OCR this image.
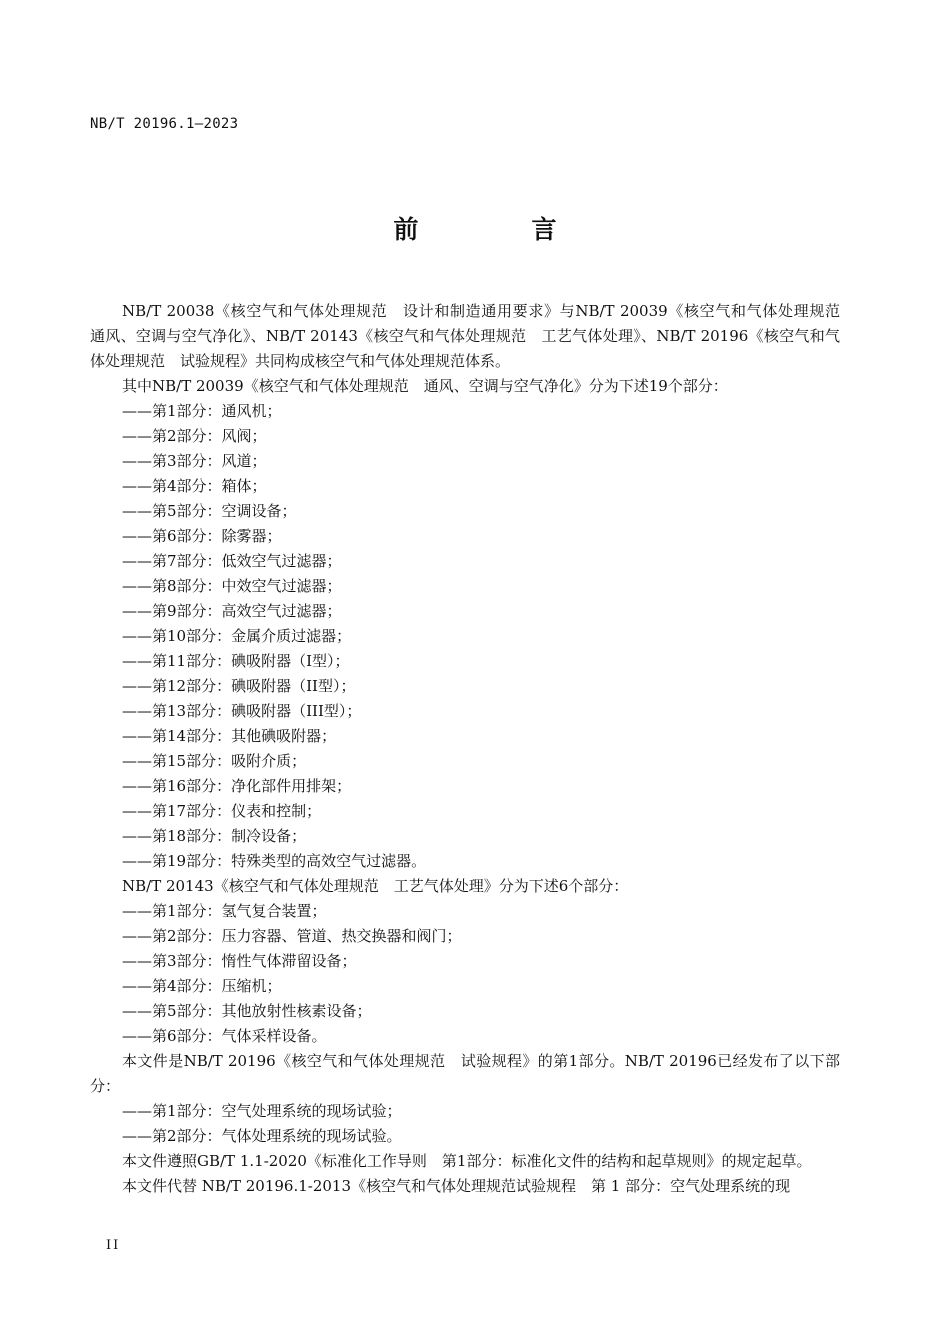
NB/T 20196.1—2023
前　言

NB/T 20038《核空气和气体处理规范　设计和制造通用要求》与NB/T 20039《核空气和气体处理规范　通风、空调与空气净化》、NB/T 20143《核空气和气体处理规范　工艺气体处理》、NB/T 20196《核空气和气体处理规范　试验规程》共同构成核空气和气体处理规范体系。

其中NB/T 20039《核空气和气体处理规范　通风、空调与空气净化》分为下述19个部分：

——第1部分：通风机；

——第2部分：风阀；

——第3部分：风道；

——第4部分：箱体；

——第5部分：空调设备；

——第6部分：除雾器；

——第7部分：低效空气过滤器；

——第8部分：中效空气过滤器；

——第9部分：高效空气过滤器；

——第10部分：金属介质过滤器；

——第11部分：碘吸附器（I型）；

——第12部分：碘吸附器（II型）；

——第13部分：碘吸附器（III型）；

——第14部分：其他碘吸附器；

——第15部分：吸附介质；

——第16部分：净化部件用排架；

——第17部分：仪表和控制；

——第18部分：制冷设备；

——第19部分：特殊类型的高效空气过滤器。

NB/T 20143《核空气和气体处理规范　工艺气体处理》分为下述6个部分：

——第1部分：氢气复合装置；

——第2部分：压力容器、管道、热交换器和阀门；

——第3部分：惰性气体滞留设备；

——第4部分：压缩机；

——第5部分：其他放射性核素设备；

——第6部分：气体采样设备。

本文件是NB/T 20196《核空气和气体处理规范　试验规程》的第1部分。NB/T 20196已经发布了以下部分：

——第1部分：空气处理系统的现场试验；

——第2部分：气体处理系统的现场试验。

本文件遵照GB/T 1.1-2020《标准化工作导则　第1部分：标准化文件的结构和起草规则》的规定起草。

本文件代替 NB/T 20196.1-2013《核空气和气体处理规范试验规程　第 1 部分：空气处理系统的现

II
